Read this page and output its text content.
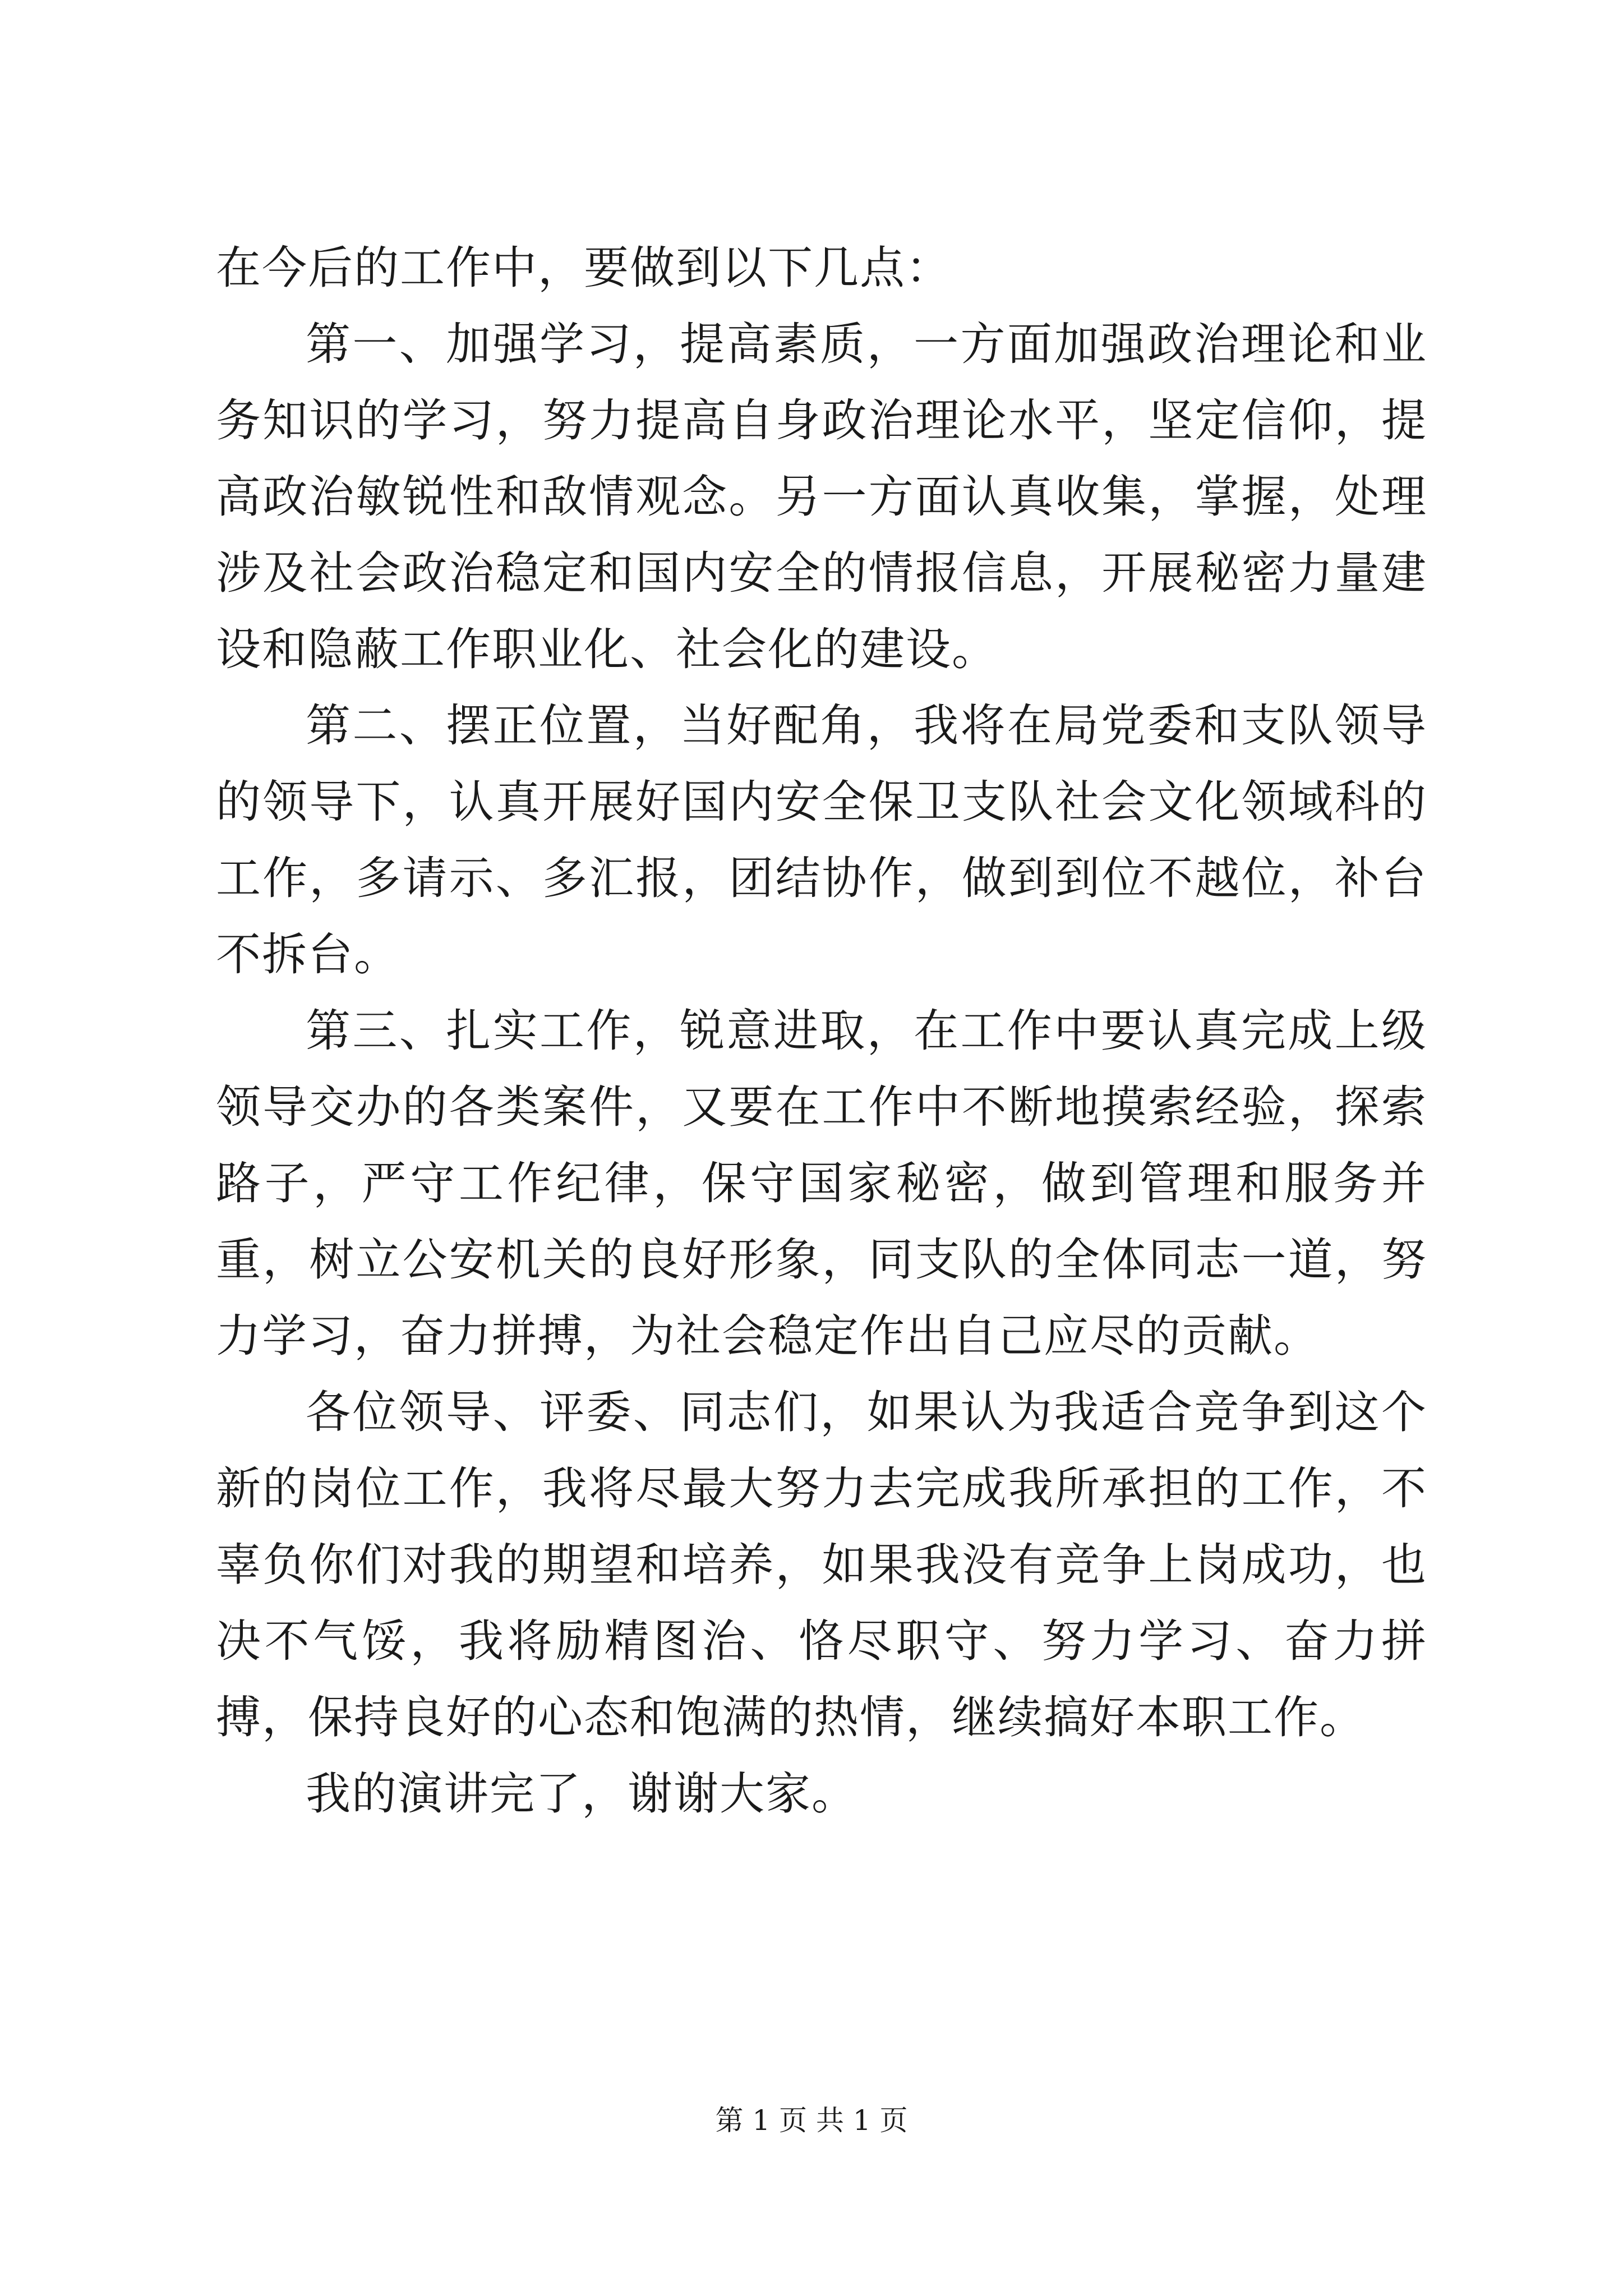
在今后的工作中，要做到以下几点：

第一、加强学习，提高素质，一方面加强政治理论和业务知识的学习，努力提高自身政治理论水平，坚定信仰，提高政治敏锐性和敌情观念。另一方面认真收集，掌握，处理涉及社会政治稳定和国内安全的情报信息，开展秘密力量建设和隐蔽工作职业化、社会化的建设。

第二、摆正位置，当好配角，我将在局党委和支队领导的领导下，认真开展好国内安全保卫支队社会文化领域科的工作，多请示、多汇报，团结协作，做到到位不越位，补台不拆台。

第三、扎实工作，锐意进取，在工作中要认真完成上级领导交办的各类案件，又要在工作中不断地摸索经验，探索路子，严守工作纪律，保守国家秘密，做到管理和服务并重，树立公安机关的良好形象，同支队的全体同志一道，努力学习，奋力拼搏，为社会稳定作出自己应尽的贡献。

各位领导、评委、同志们，如果认为我适合竞争到这个新的岗位工作，我将尽最大努力去完成我所承担的工作，不辜负你们对我的期望和培养，如果我没有竞争上岗成功，也决不气馁，我将励精图治、恪尽职守、努力学习、奋力拼搏，保持良好的心态和饱满的热情，继续搞好本职工作。

我的演讲完了，谢谢大家。

第 1 页 共 1 页
